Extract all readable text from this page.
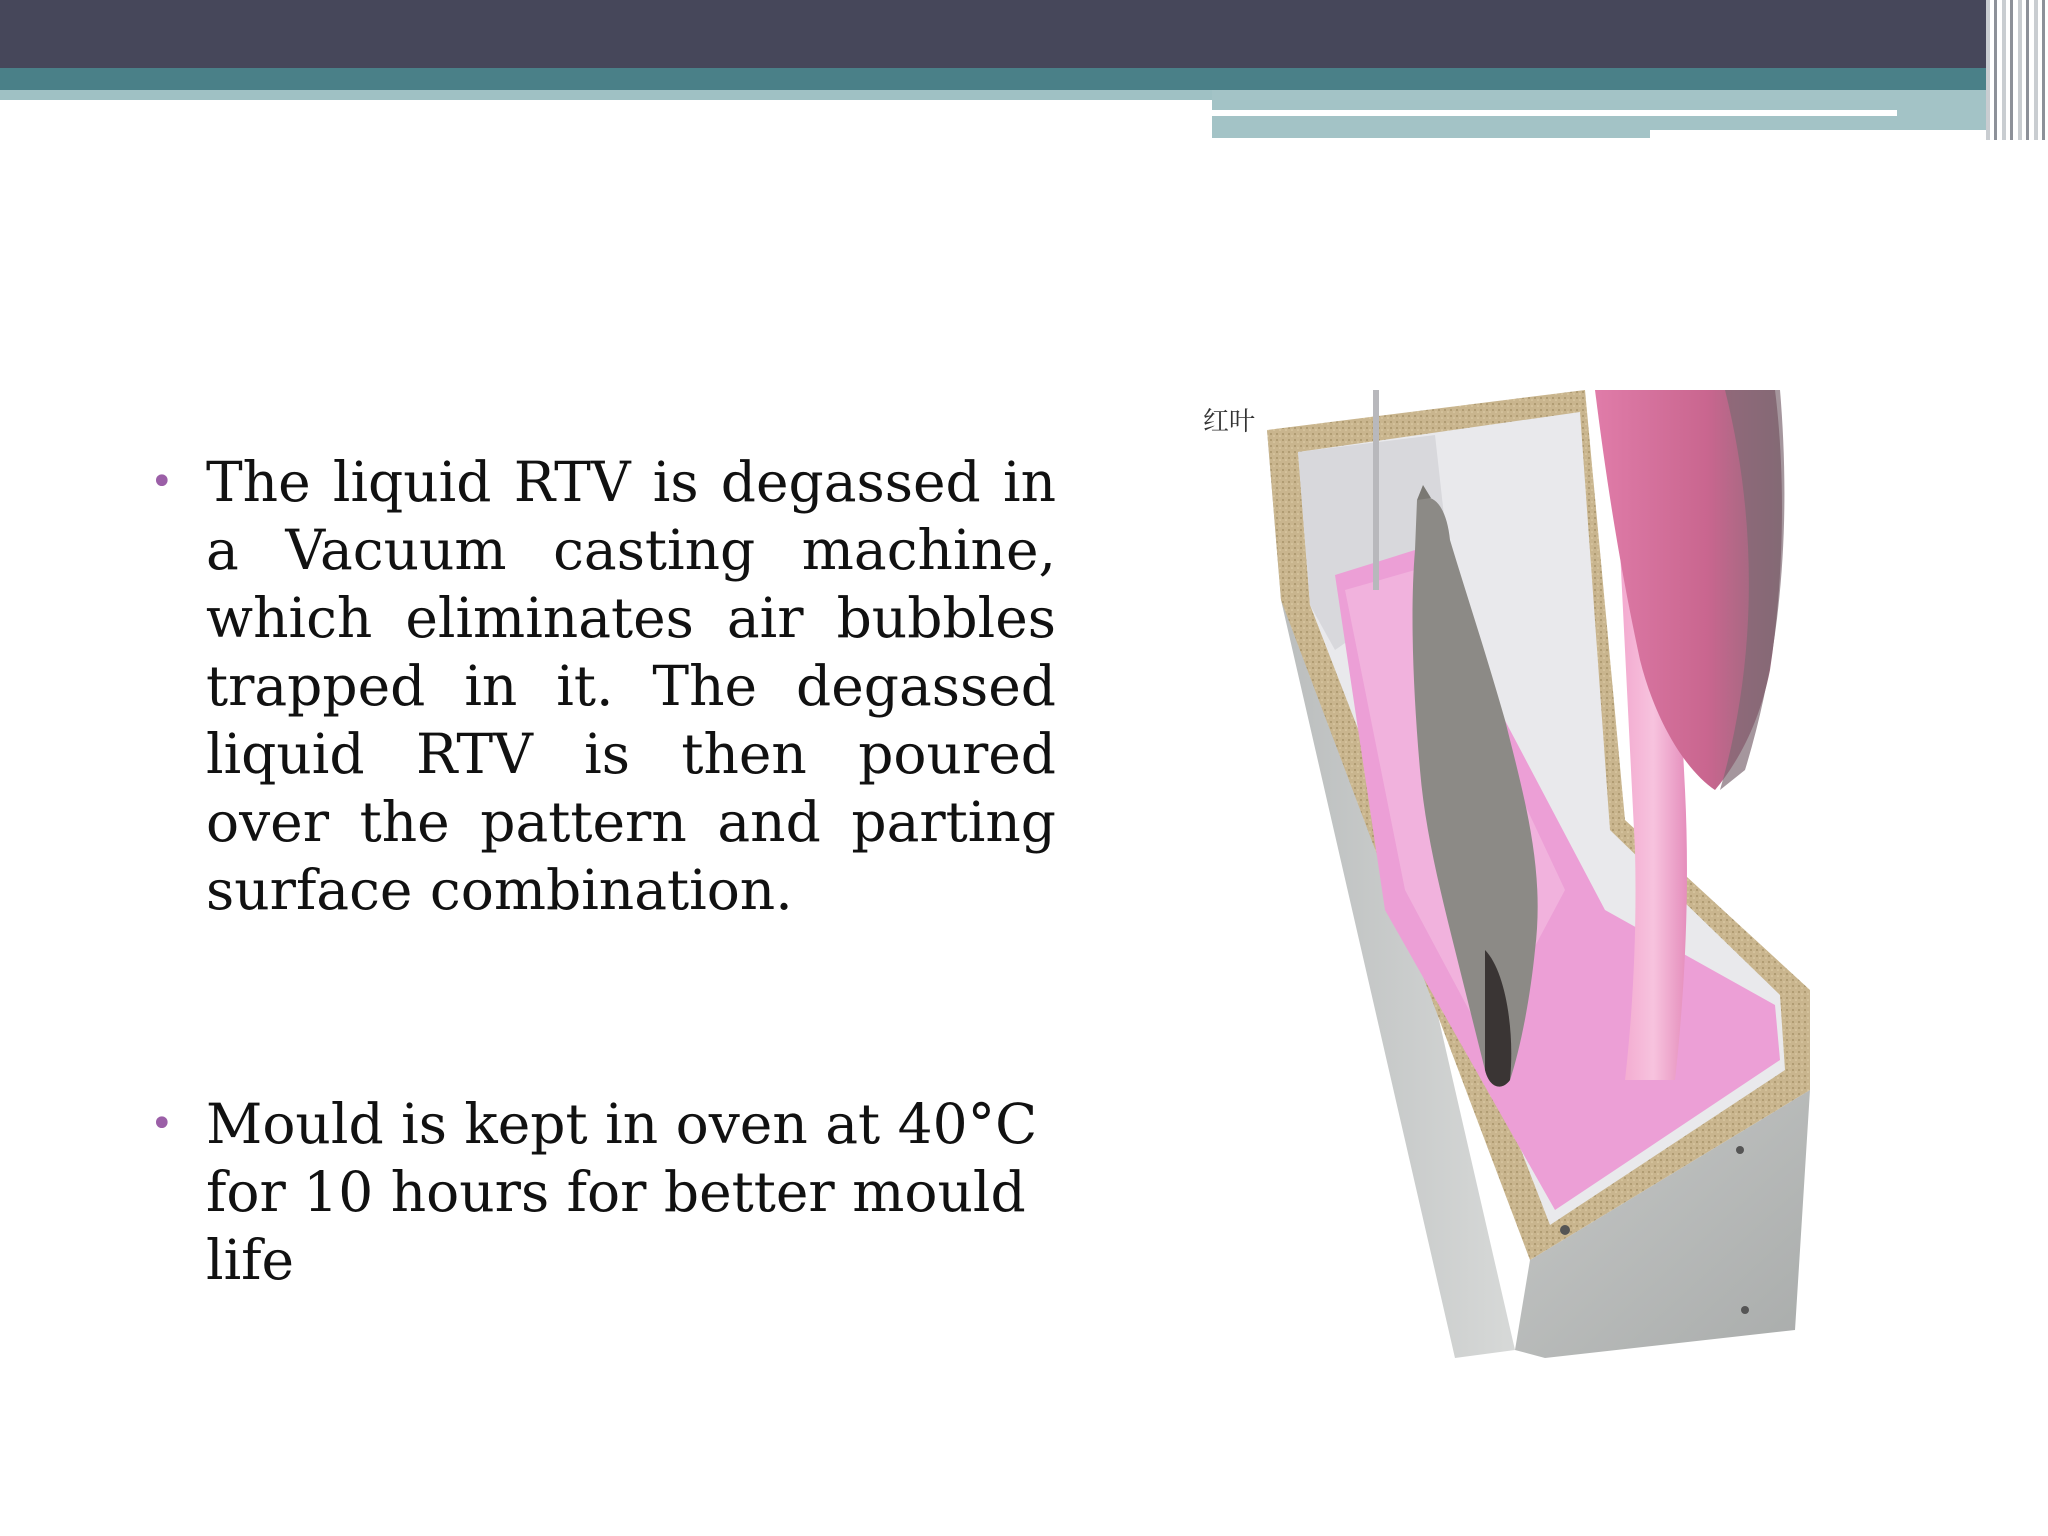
• The liquid RTV is degassed in a Vacuum casting machine, which eliminates air bubbles trapped in it. The degassed liquid RTV is then poured over the pattern and parting surface combination.
• Mould is kept in oven at 40°C for 10 hours for better mould life
红叶
